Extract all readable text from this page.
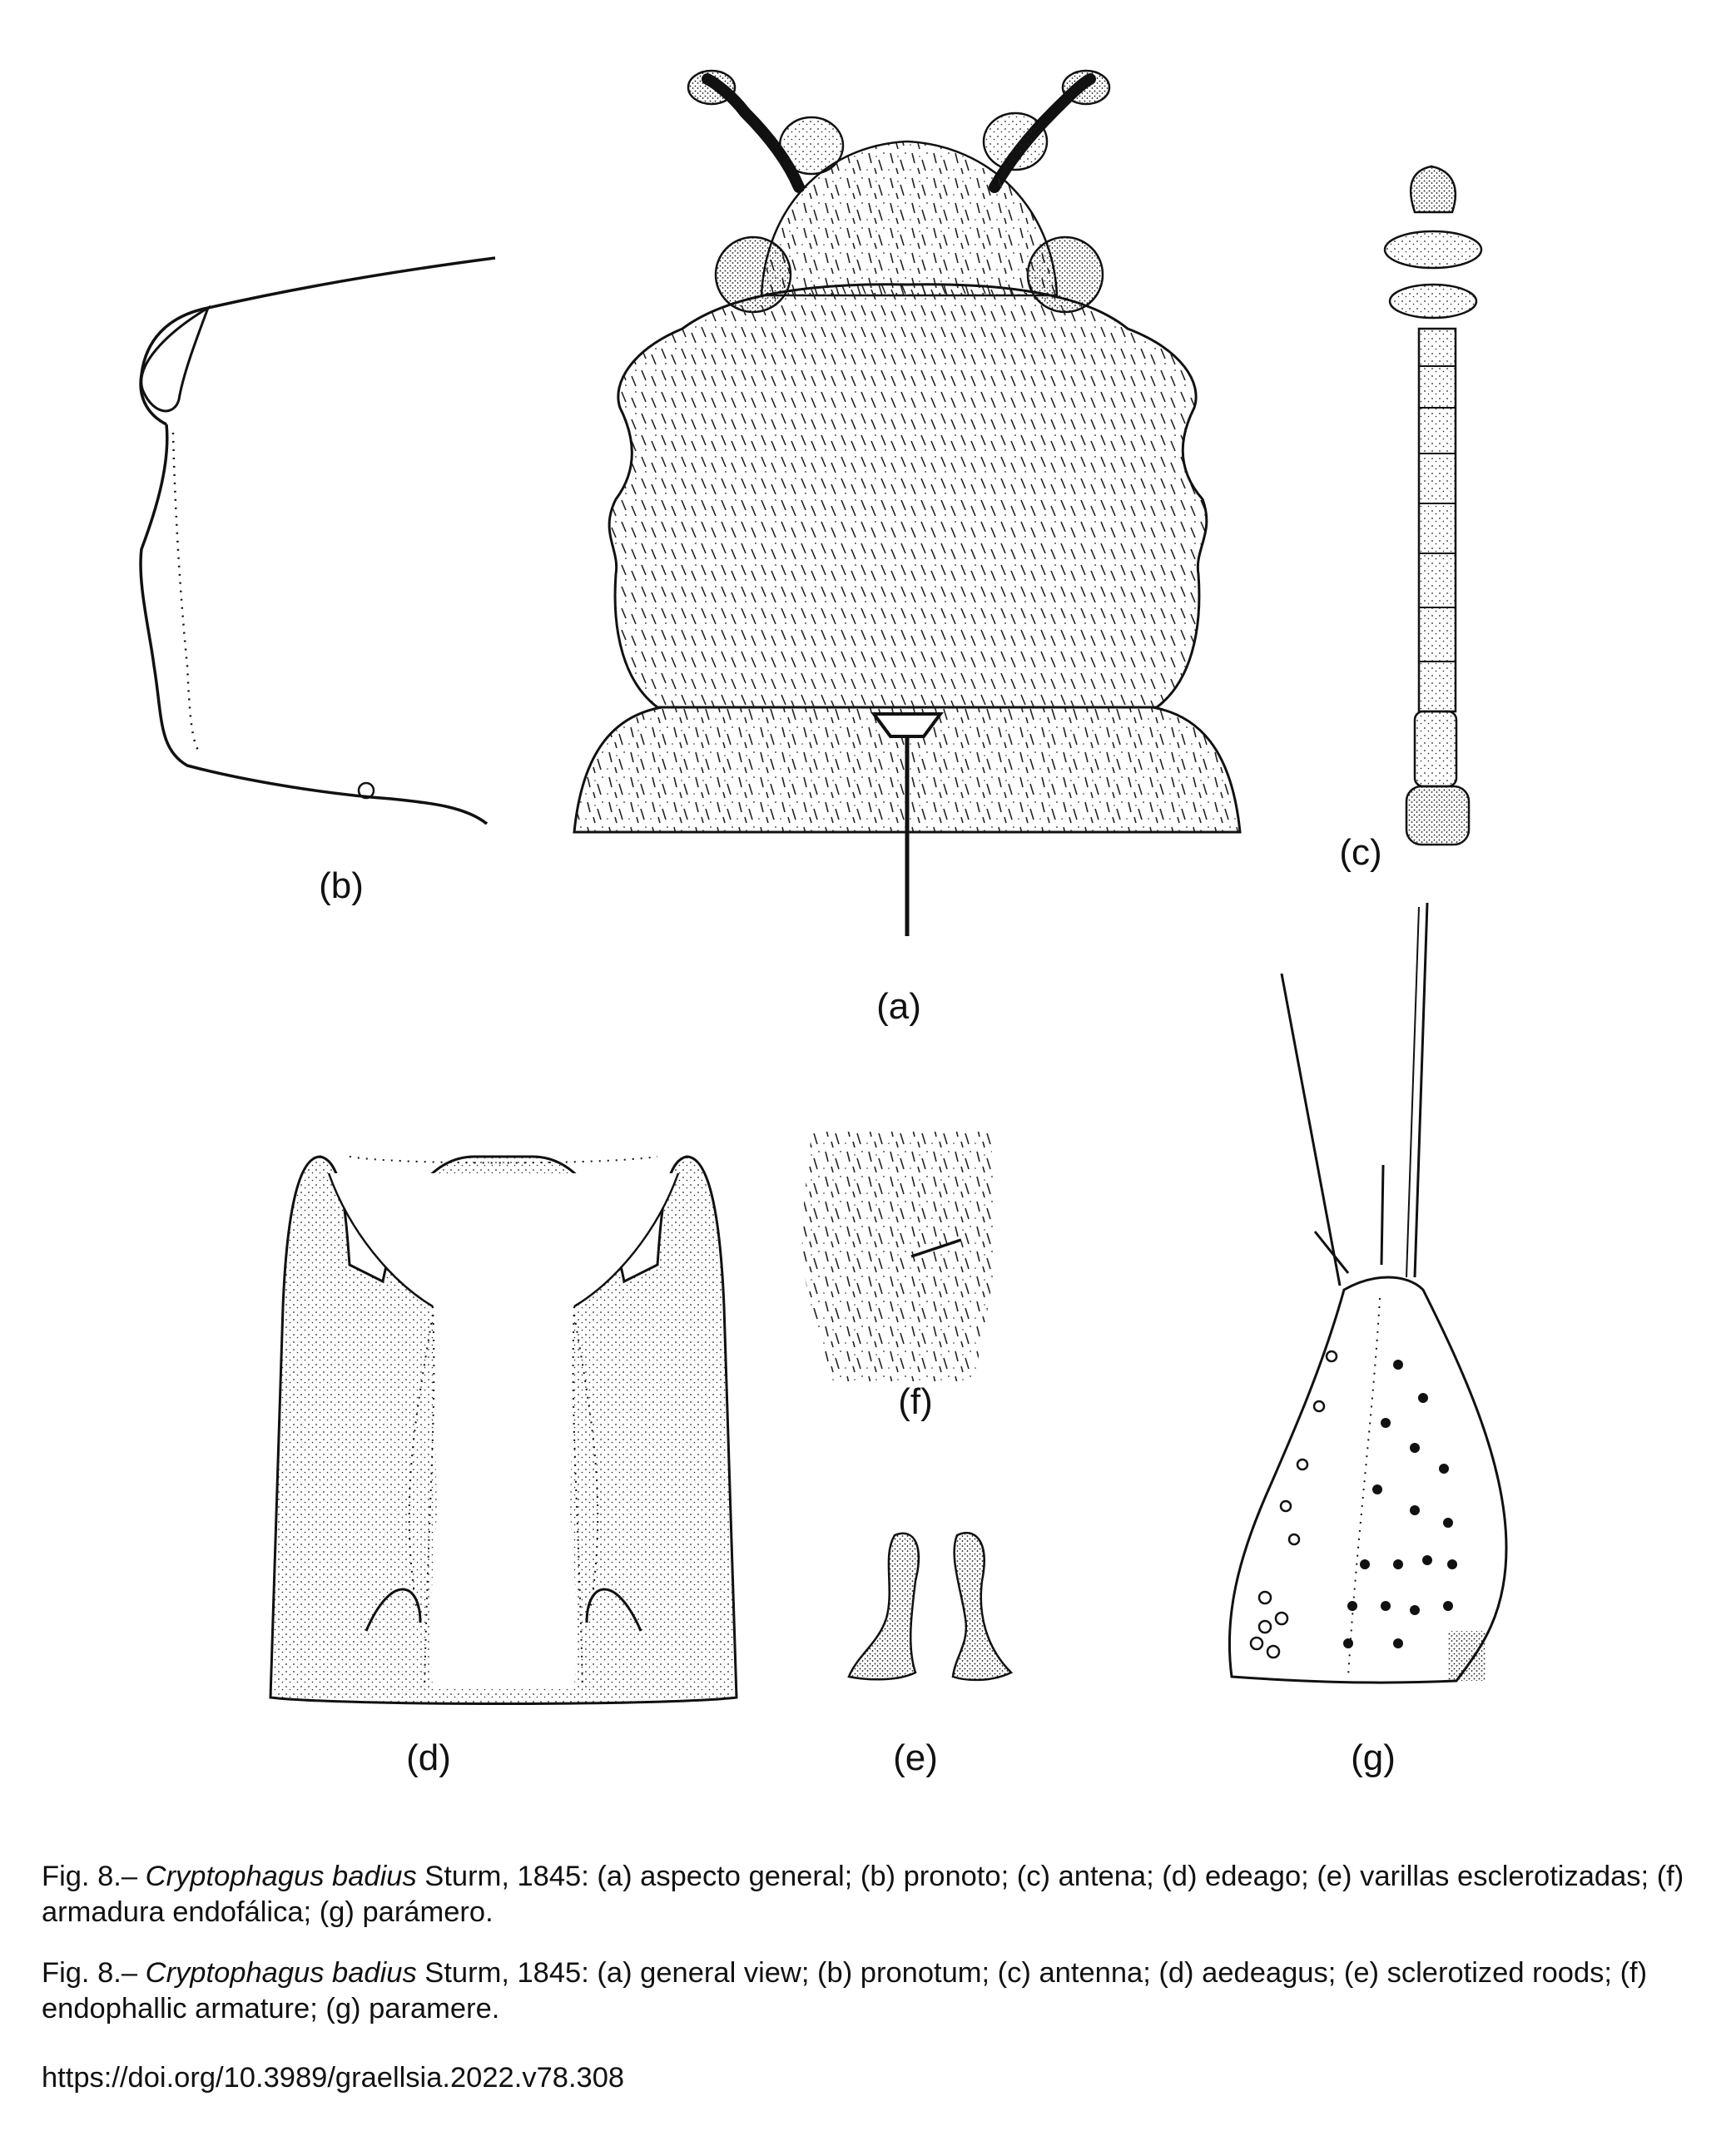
(b)
(a)
(c)
(f)
(d)	(e)	(g)
Fig. 8.– Cryptophagus badius Sturm, 1845: (a) aspecto general; (b) pronoto; (c) antena; (d) edeago; (e) varillas esclerotizadas; (f) armadura endofálica; (g) parámero.
Fig. 8.– Cryptophagus badius Sturm, 1845: (a) general view; (b) pronotum; (c) antenna; (d) aedeagus; (e) sclerotized roods; (f) endophallic armature; (g) paramere.
https://doi.org/10.3989/graellsia.2022.v78.308
